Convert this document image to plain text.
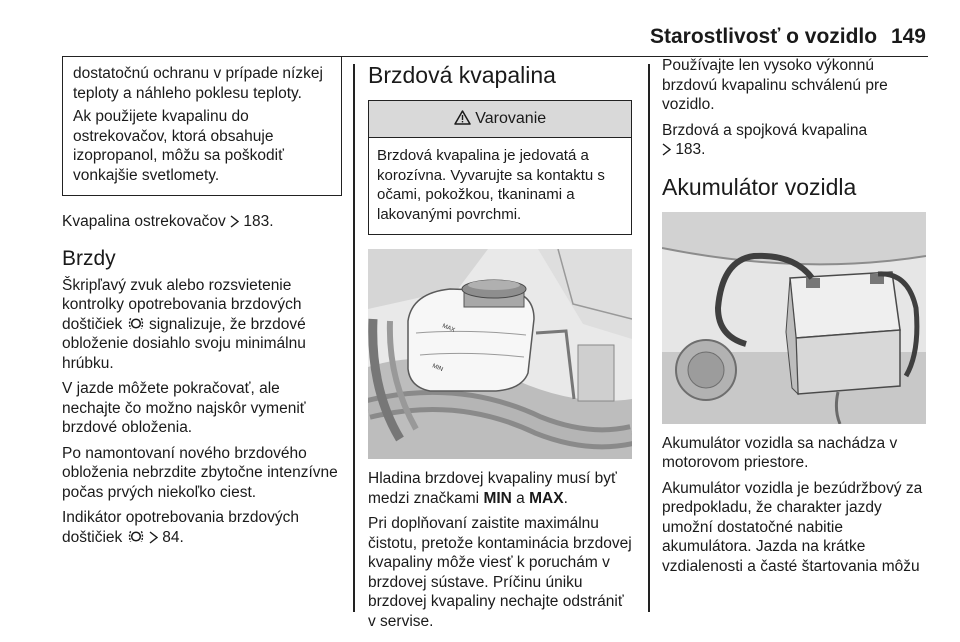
Starostlivosť o vozidlo 149

dostatočnú ochranu v prípade nízkej teploty a náhleho poklesu teploty.

Ak použijete kvapalinu do ostrekovačov, ktorá obsahuje izopropanol, môžu sa poškodiť vonkajšie svetlomety.

Kvapalina ostrekovačov 183.

Brzdy

Škripľavý zvuk alebo rozsvietenie kontrolky opotrebovania brzdových doštičiek signalizuje, že brzdové obloženie dosiahlo svoju minimálnu hrúbku.

V jazde môžete pokračovať, ale nechajte čo možno najskôr vymeniť brzdové obloženia.

Po namontovaní nového brzdového obloženia nebrzdite zbytočne intenzívne počas prvých niekoľko ciest.

Indikátor opotrebovania brzdových doštičiek	84.

Brzdová kvapalina
Varovanie

Brzdová kvapalina je jedovatá a korozívna. Vyvarujte sa kontaktu s očami, pokožkou, tkaninami a lakovanými povrchmi.

MAX
MIN

Hladina brzdovej kvapaliny musí byť medzi značkami MIN a MAX.

Pri doplňovaní zaistite maximálnu čistotu, pretože kontaminácia brzdovej kvapaliny môže viesť k poruchám v brzdovej sústave. Príčinu úniku brzdovej kvapaliny nechajte odstrániť v servise.

Používajte len vysoko výkonnú brzdovú kvapalinu schválenú pre vozidlo.

Brzdová a spojková kvapalina
183.

Akumulátor vozidla

Akumulátor vozidla sa nachádza v motorovom priestore.

Akumulátor vozidla je bezúdržbový za predpokladu, že charakter jazdy umožní dostatočné nabitie akumulátora. Jazda na krátke vzdialenosti a časté štartovania môžu
